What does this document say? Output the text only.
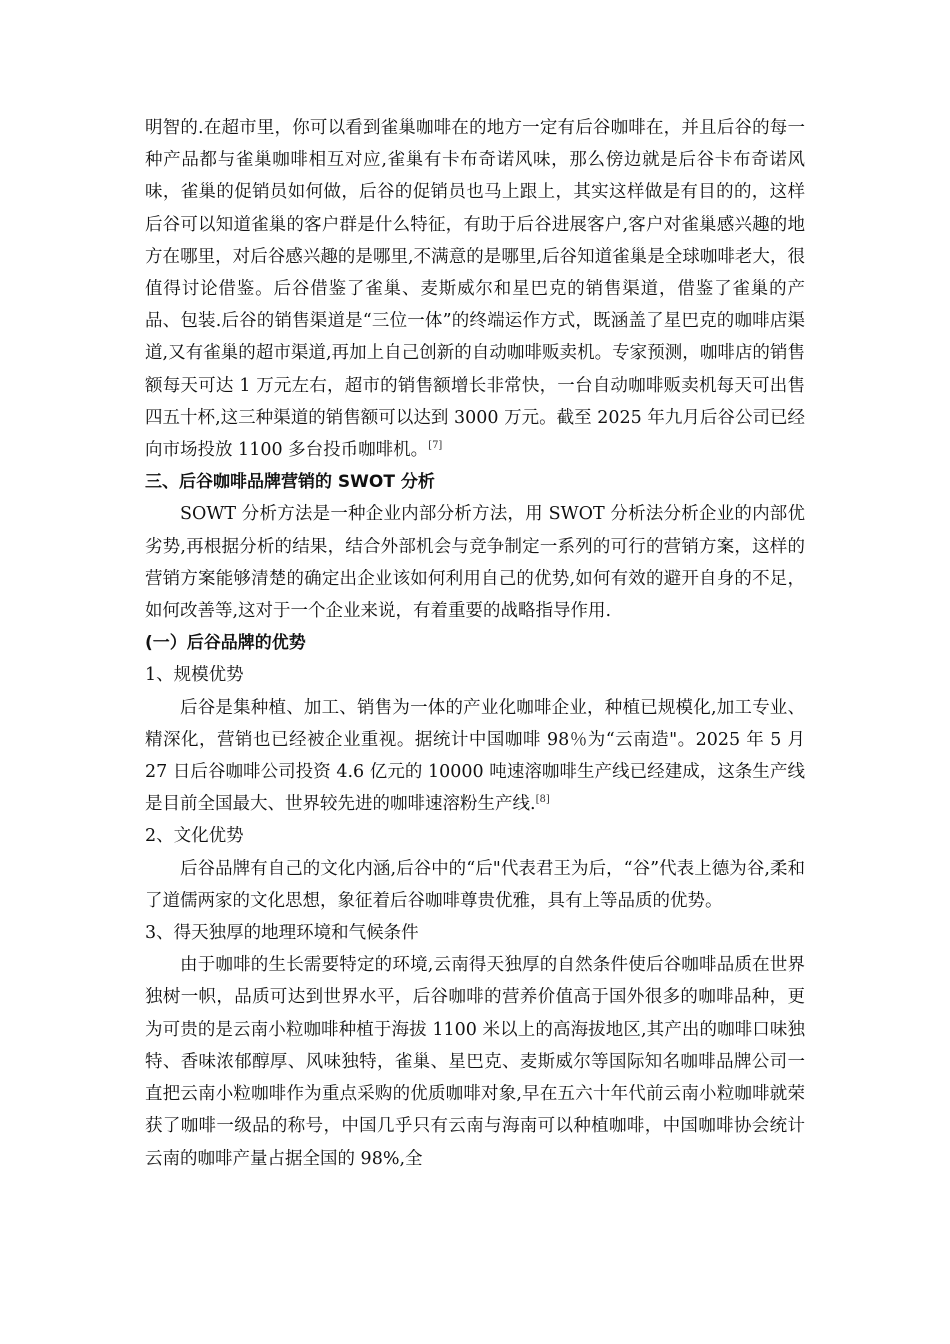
明智的.在超市里，你可以看到雀巢咖啡在的地方一定有后谷咖啡在，并且后谷的每一种产品都与雀巢咖啡相互对应,雀巢有卡布奇诺风味，那么傍边就是后谷卡布奇诺风味，雀巢的促销员如何做，后谷的促销员也马上跟上，其实这样做是有目的的，这样后谷可以知道雀巢的客户群是什么特征，有助于后谷进展客户,客户对雀巢感兴趣的地方在哪里，对后谷感兴趣的是哪里,不满意的是哪里,后谷知道雀巢是全球咖啡老大，很值得讨论借鉴。后谷借鉴了雀巢、麦斯威尔和星巴克的销售渠道，借鉴了雀巢的产品、包装.后谷的销售渠道是“三位一体”的终端运作方式，既涵盖了星巴克的咖啡店渠道,又有雀巢的超市渠道,再加上自己创新的自动咖啡贩卖机。专家预测，咖啡店的销售额每天可达 1 万元左右，超市的销售额增长非常快，一台自动咖啡贩卖机每天可出售四五十杯,这三种渠道的销售额可以达到 3000 万元。截至 2025 年九月后谷公司已经向市场投放 1100 多台投币咖啡机。[7]

三、后谷咖啡品牌营销的 SWOT 分析

SOWT 分析方法是一种企业内部分析方法，用 SWOT 分析法分析企业的内部优劣势,再根据分析的结果，结合外部机会与竞争制定一系列的可行的营销方案，这样的营销方案能够清楚的确定出企业该如何利用自己的优势,如何有效的避开自身的不足，如何改善等,这对于一个企业来说，有着重要的战略指导作用.

(一）后谷品牌的优势

1、规模优势

后谷是集种植、加工、销售为一体的产业化咖啡企业，种植已规模化,加工专业、精深化，营销也已经被企业重视。据统计中国咖啡 98％为“云南造"。2025 年 5 月 27 日后谷咖啡公司投资 4.6 亿元的 10000 吨速溶咖啡生产线已经建成，这条生产线是目前全国最大、世界较先进的咖啡速溶粉生产线.[8]

2、文化优势

后谷品牌有自己的文化内涵,后谷中的“后"代表君王为后，“谷”代表上德为谷,柔和了道儒两家的文化思想，象征着后谷咖啡尊贵优雅，具有上等品质的优势。

3、得天独厚的地理环境和气候条件

由于咖啡的生长需要特定的环境,云南得天独厚的自然条件使后谷咖啡品质在世界独树一帜，品质可达到世界水平，后谷咖啡的营养价值高于国外很多的咖啡品种，更为可贵的是云南小粒咖啡种植于海拔 1100 米以上的高海拔地区,其产出的咖啡口味独特、香味浓郁醇厚、风味独特，雀巢、星巴克、麦斯威尔等国际知名咖啡品牌公司一直把云南小粒咖啡作为重点采购的优质咖啡对象,早在五六十年代前云南小粒咖啡就荣获了咖啡一级品的称号，中国几乎只有云南与海南可以种植咖啡，中国咖啡协会统计云南的咖啡产量占据全国的 98%,全
